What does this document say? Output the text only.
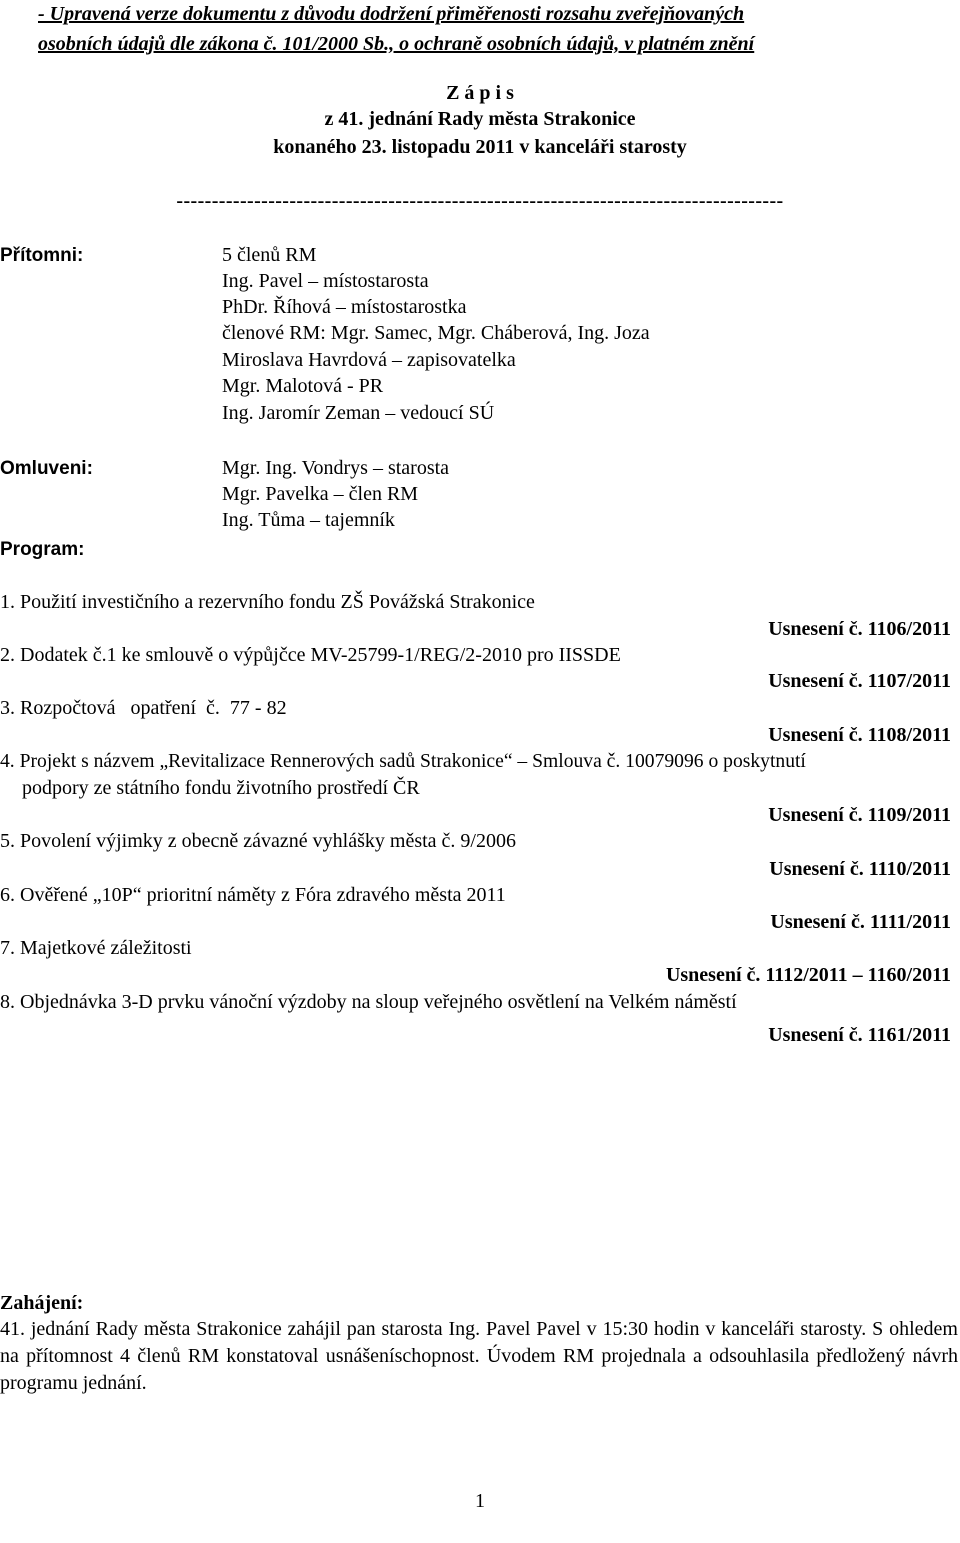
- Upravená verze dokumentu z důvodu dodržení přiměřenosti rozsahu zveřejňovaných
osobních údajů dle zákona č. 101/2000 Sb., o ochraně osobních údajů, v platném znění
Z á p i s
z 41. jednání Rady města Strakonice
konaného 23. listopadu 2011 v kanceláři starosty
--------------------------------------------------------------------------------------
Přítomni:	5 členů RM
Ing. Pavel – místostarosta
PhDr. Říhová – místostarostka
členové RM: Mgr. Samec, Mgr. Cháberová, Ing. Joza
Miroslava Havrdová – zapisovatelka
Mgr. Malotová - PR
Ing. Jaromír Zeman – vedoucí SÚ
Omluveni:	Mgr. Ing. Vondrys – starosta
Mgr. Pavelka – člen RM
Ing. Tůma – tajemník
Program:
1. Použití investičního a rezervního fondu ZŠ Povážská Strakonice
Usnesení č. 1106/2011
2. Dodatek č.1 ke smlouvě o výpůjčce MV-25799-1/REG/2-2010 pro IISSDE
Usnesení č. 1107/2011
3. Rozpočtová   opatření  č.  77 - 82
Usnesení č. 1108/2011
4. Projekt s názvem „Revitalizace Rennerových sadů Strakonice“ – Smlouva č. 10079096 o poskytnutí
podpory ze státního fondu životního prostředí ČR
Usnesení č. 1109/2011
5. Povolení výjimky z obecně závazné vyhlášky města č. 9/2006
Usnesení č. 1110/2011
6. Ověřené „10P“ prioritní náměty z Fóra zdravého města 2011
Usnesení č. 1111/2011
7. Majetkové záležitosti
Usnesení č. 1112/2011 – 1160/2011
8. Objednávka 3-D prvku vánoční výzdoby na sloup veřejného osvětlení na Velkém náměstí
Usnesení č. 1161/2011
Zahájení:
41. jednání Rady města Strakonice zahájil pan starosta Ing. Pavel Pavel v 15:30 hodin v kanceláři starosty. S ohledem na přítomnost 4 členů RM konstatoval usnášeníschopnost. Úvodem RM projednala a odsouhlasila předložený návrh programu jednání.
1
